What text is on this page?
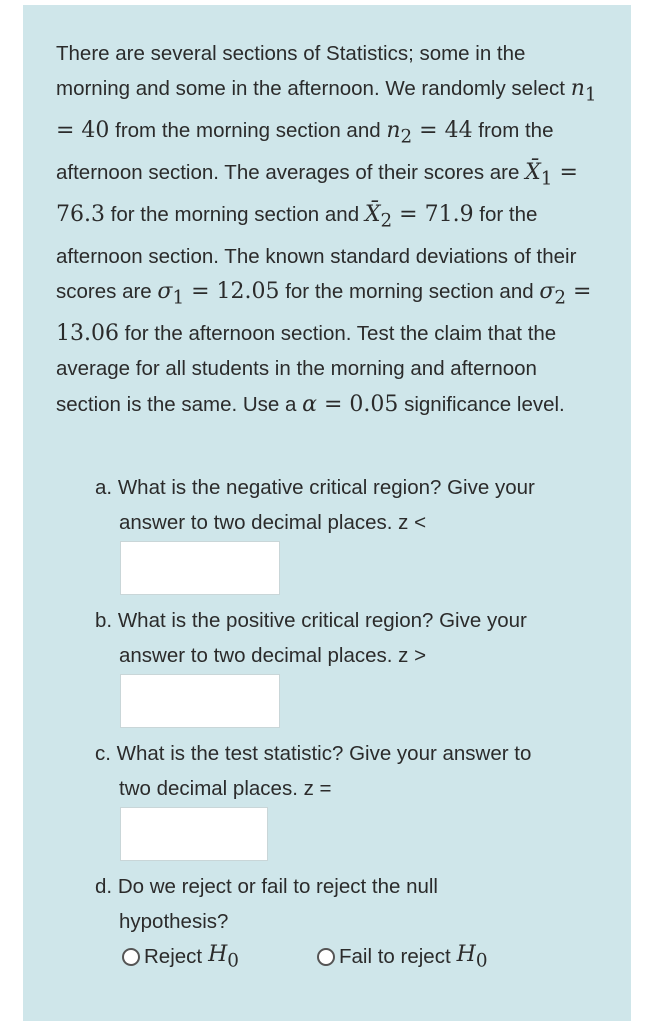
There are several sections of Statistics; some in the morning and some in the afternoon. We randomly select $n_1 = 40$ from the morning section and $n_2 = 44$ from the afternoon section. The averages of their scores are $X̄_1 = 76.3$ for the morning section and $X̄_2 = 71.9$ for the afternoon section. The known standard deviations of their scores are $\sigma_1 = 12.05$ for the morning section and $\sigma_2 = 13.06$ for the afternoon section. Test the claim that the average for all students in the morning and afternoon section is the same. Use a α = 0.05 significance level.
a. What is the negative critical region? Give your
answer to two decimal places. z <
b. What is the positive critical region? Give your
answer to two decimal places. z >
c. What is the test statistic? Give your answer to
two decimal places. z =
d. Do we reject or fail to reject the null
hypothesis?
Reject $H_0$	Fail to reject $H_0$
